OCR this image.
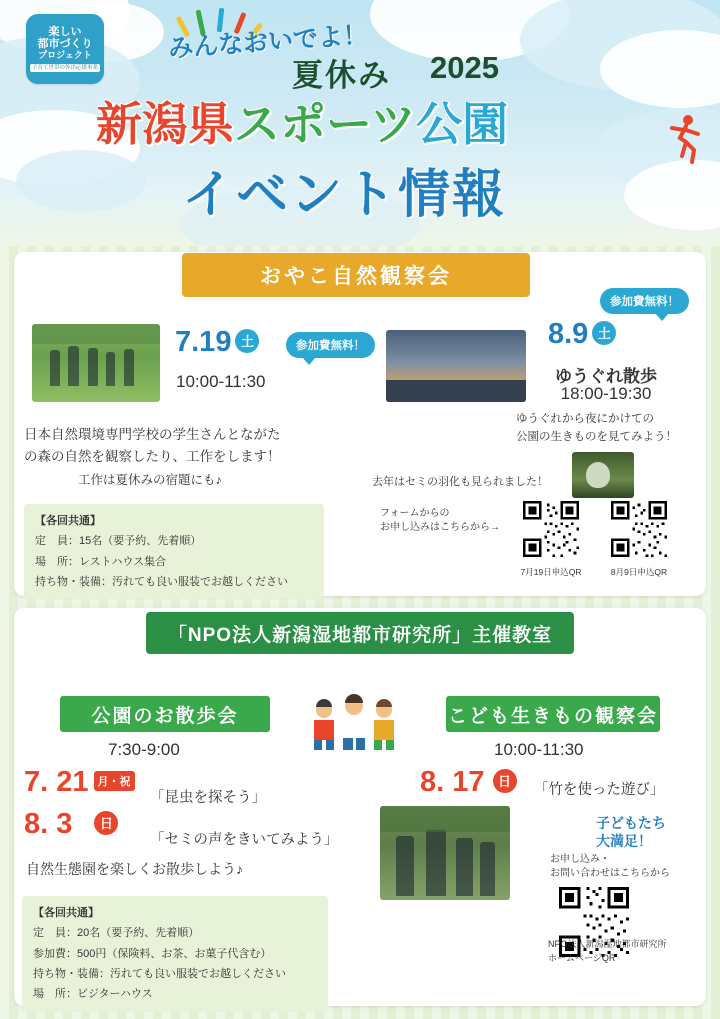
楽しい
都市づくり
プロジェクト
子育て世帯の外出応援事業
みんなおいでよ！
夏休み 2025
新潟県スポーツ公園
イベント情報
おやこ自然観察会
参加費無料！
参加費無料！
7.19 土
10:00-11:30
8.9 土
ゆうぐれ散歩
18:00-19:30
ゆうぐれから夜にかけての
公園の生きものを見てみよう！
日本自然環境専門学校の学生さんとながた
の森の自然を観察したり、工作をします！
工作は夏休みの宿題にも♪	去年はセミの羽化も見られました！
フォームからの
お申し込みはこちらから→
7月19日申込QR	8月9日申込QR
【各回共通】
定　員：15名（要予約、先着順）
場　所：レストハウス集合
持ち物・装備：汚れても良い服装でお越しください
「NPO法人新潟湿地都市研究所」主催教室
公園のお散歩会	こども生きもの観察会
7:30-9:00
7. 21 月・祝
「昆虫を探そう」
8. 3 日
「セミの声をきいてみよう」
自然生態園を楽しくお散歩しよう♪
10:00-11:30
8. 17 日
「竹を使った遊び」
子どもたち
大満足！
お申し込み・
お問い合わせはこちらから
NPO法人新潟湿地都市研究所
ホームページQR
【各回共通】
定　員：20名（要予約、先着順）
参加費：500円（保険料、お茶、お菓子代含む）
持ち物・装備：汚れても良い服装でお越しください
場　所：ビジターハウス
